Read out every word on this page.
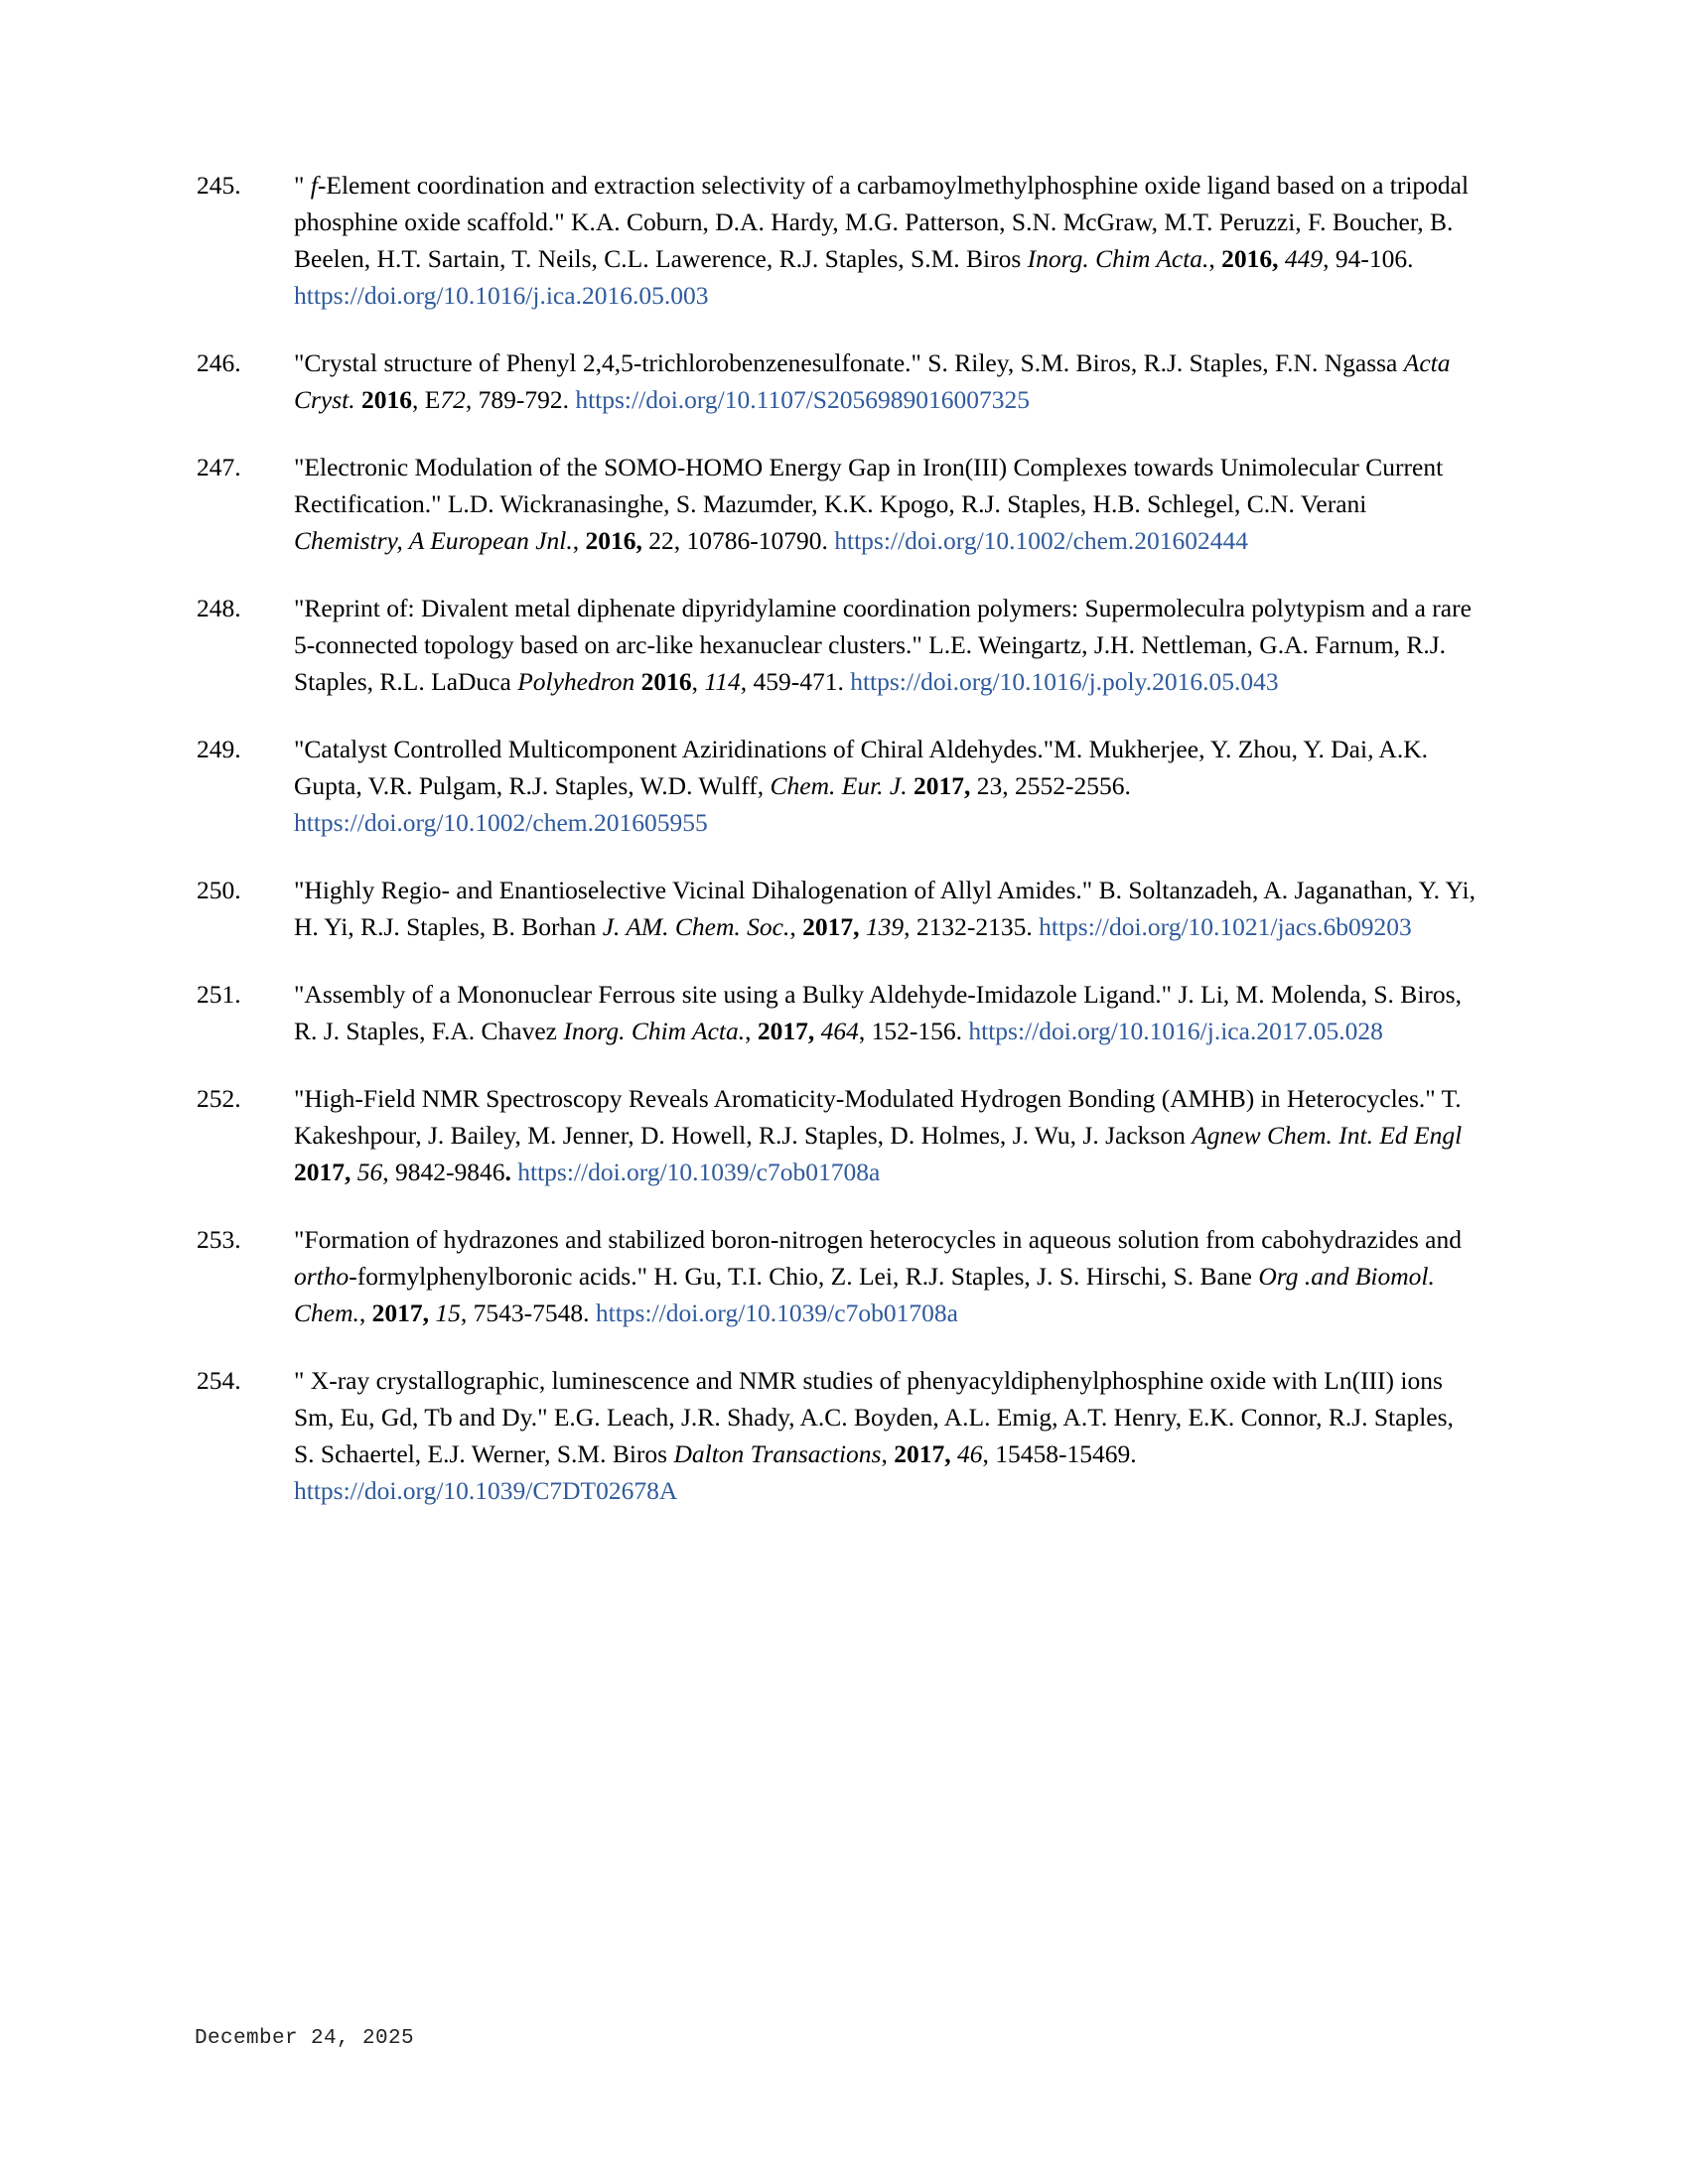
245.	" f-Element coordination and extraction selectivity of a carbamoylmethylphosphine oxide ligand based on a tripodal phosphine oxide scaffold." K.A. Coburn, D.A. Hardy, M.G. Patterson, S.N. McGraw, M.T. Peruzzi, F. Boucher, B. Beelen, H.T. Sartain, T. Neils, C.L. Lawerence, R.J. Staples, S.M. Biros Inorg. Chim Acta., 2016, 449, 94-106. https://doi.org/10.1016/j.ica.2016.05.003
246.	"Crystal structure of Phenyl 2,4,5-trichlorobenzenesulfonate." S. Riley, S.M. Biros, R.J. Staples, F.N. Ngassa Acta Cryst. 2016, E72, 789-792. https://doi.org/10.1107/S2056989016007325
247.	"Electronic Modulation of the SOMO-HOMO Energy Gap in Iron(III) Complexes towards Unimolecular Current Rectification." L.D. Wickranasinghe, S. Mazumder, K.K. Kpogo, R.J. Staples, H.B. Schlegel, C.N. Verani Chemistry, A European Jnl., 2016, 22, 10786-10790. https://doi.org/10.1002/chem.201602444
248.	"Reprint of: Divalent metal diphenate dipyridylamine coordination polymers: Supermoleculra polytypism and a rare 5-connected topology based on arc-like hexanuclear clusters." L.E. Weingartz, J.H. Nettleman, G.A. Farnum, R.J. Staples, R.L. LaDuca Polyhedron 2016, 114, 459-471. https://doi.org/10.1016/j.poly.2016.05.043
249.	"Catalyst Controlled Multicomponent Aziridinations of Chiral Aldehydes."M. Mukherjee, Y. Zhou, Y. Dai, A.K. Gupta, V.R. Pulgam, R.J. Staples, W.D. Wulff, Chem. Eur. J. 2017, 23, 2552-2556. https://doi.org/10.1002/chem.201605955
250.	"Highly Regio- and Enantioselective Vicinal Dihalogenation of Allyl Amides." B. Soltanzadeh, A. Jaganathan, Y. Yi, H. Yi, R.J. Staples, B. Borhan J. AM. Chem. Soc., 2017, 139, 2132-2135. https://doi.org/10.1021/jacs.6b09203
251.	"Assembly of a Mononuclear Ferrous site using a Bulky Aldehyde-Imidazole Ligand." J. Li, M. Molenda, S. Biros, R. J. Staples, F.A. Chavez Inorg. Chim Acta., 2017, 464, 152-156. https://doi.org/10.1016/j.ica.2017.05.028
252.	"High-Field NMR Spectroscopy Reveals Aromaticity-Modulated Hydrogen Bonding (AMHB) in Heterocycles." T. Kakeshpour, J. Bailey, M. Jenner, D. Howell, R.J. Staples, D. Holmes, J. Wu, J. Jackson Agnew Chem. Int. Ed Engl 2017, 56, 9842-9846. https://doi.org/10.1039/c7ob01708a
253.	"Formation of hydrazones and stabilized boron-nitrogen heterocycles in aqueous solution from cabohydrazides and ortho-formylphenylboronic acids." H. Gu, T.I. Chio, Z. Lei, R.J. Staples, J. S. Hirschi, S. Bane Org .and Biomol. Chem., 2017, 15, 7543-7548. https://doi.org/10.1039/c7ob01708a
254.	" X-ray crystallographic, luminescence and NMR studies of phenyacyldiphenylphosphine oxide with Ln(III) ions Sm, Eu, Gd, Tb and Dy." E.G. Leach, J.R. Shady, A.C. Boyden, A.L. Emig, A.T. Henry, E.K. Connor, R.J. Staples, S. Schaertel, E.J. Werner, S.M. Biros Dalton Transactions, 2017, 46, 15458-15469. https://doi.org/10.1039/C7DT02678A
December 24, 2025
